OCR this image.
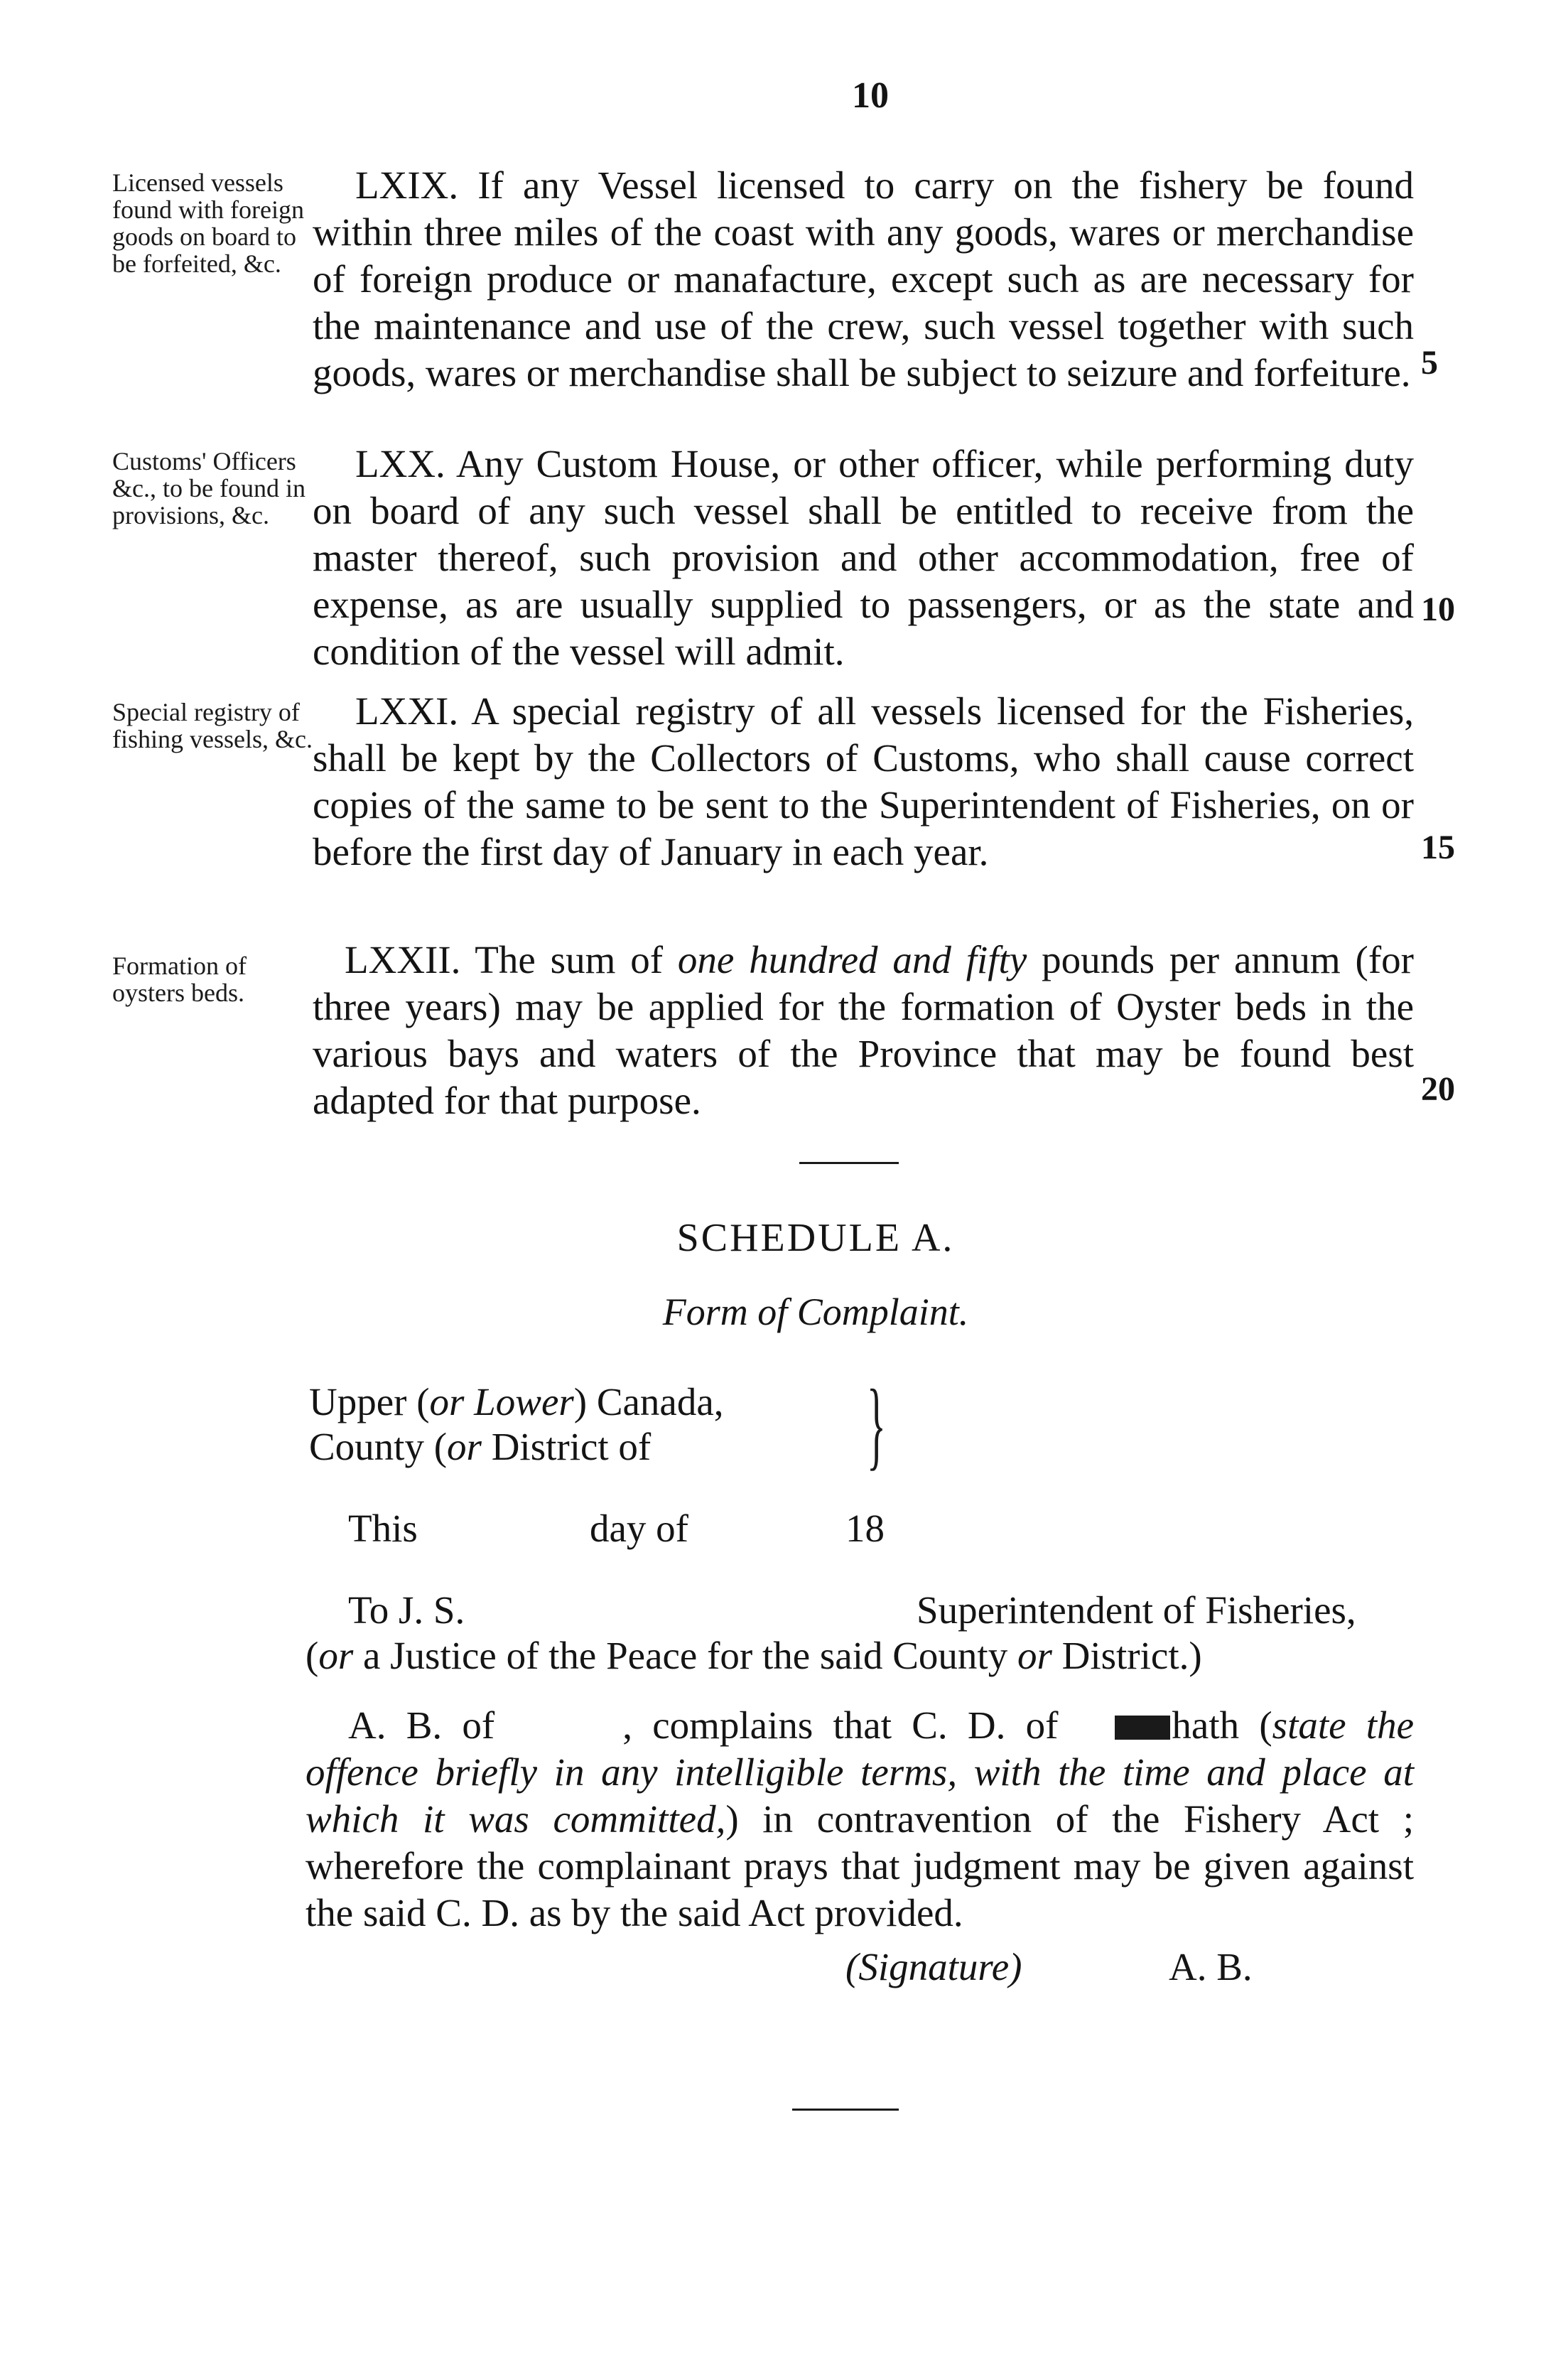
10
Licensed vessels found with foreign goods on board to be forfeited, &c.
LXIX. If any Vessel licensed to carry on the fishery be found within three miles of the coast with any goods, wares or merchandise of foreign produce or manafacture, except such as are necessary for the maintenance and use of the crew, such vessel together with such goods, wares or merchandise shall be subject to seizure and forfeiture. 5
Customs' Officers &c., to be found in provisions, &c.
LXX. Any Custom House, or other officer, while performing duty on board of any such vessel shall be entitled to receive from the master thereof, such provision and other accommodation, free of expense, as are usually supplied to passengers, or as the state and condition of the vessel will admit.
10
Special registry of fishing vessels, &c.
LXXI. A special registry of all vessels licensed for the Fisheries, shall be kept by the Collectors of Customs, who shall cause correct copies of the same to be sent to the Superintendent of Fisheries, on or before the first day of January in each year.	15
Formation of oysters beds.
LXXII. The sum of one hundred and fifty pounds per annum (for three years) may be applied for the formation of Oyster beds in the various bays and waters of the Province that may be found best adapted for that purpose.	20
SCHEDULE A.
Form of Complaint.
Upper (or Lower) Canada,
County (or District of }
This	day of	18
To J. S.	Superintendent of Fisheries,
(or a Justice of the Peace for the said County or District.)
A. B. of	, complains that C. D. of	hath (state the offence briefly in any intelligible terms, with the time and place at which it was committed,) in contravention of the Fishery Act ; wherefore the complainant prays that judgment may be given against the said C. D. as by the said Act provided.
(Signature)	A. B.
